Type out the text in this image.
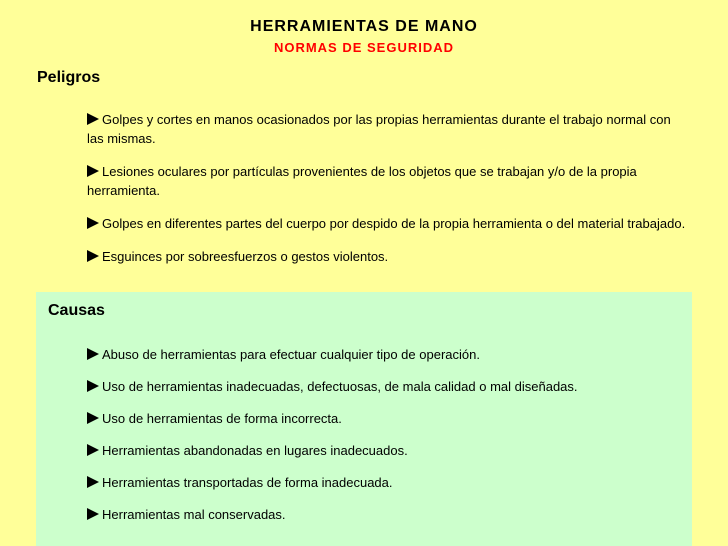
HERRAMIENTAS DE MANO
NORMAS DE SEGURIDAD
Peligros
Golpes y cortes en manos ocasionados por las propias herramientas durante el trabajo normal con las mismas.
Lesiones oculares por partículas provenientes de los objetos que se trabajan y/o de la propia herramienta.
Golpes en diferentes partes del cuerpo por despido de la propia herramienta o del material trabajado.
Esguinces por sobreesfuerzos o gestos violentos.
Causas
Abuso de herramientas para efectuar cualquier tipo de operación.
Uso de herramientas inadecuadas, defectuosas, de mala calidad o mal diseñadas.
Uso de herramientas de forma incorrecta.
Herramientas abandonadas en lugares inadecuados.
Herramientas transportadas de forma inadecuada.
Herramientas mal conservadas.
